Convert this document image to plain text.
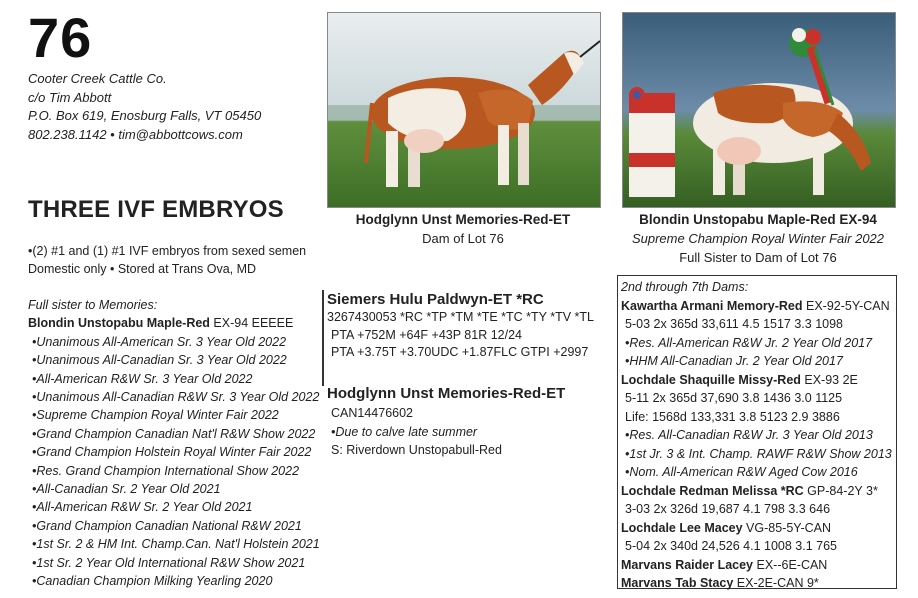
76
Cooter Creek Cattle Co.
c/o Tim Abbott
P.O. Box 619, Enosburg Falls, VT 05450
802.238.1142 • tim@abbottcows.com
THREE IVF EMBRYOS
•(2) #1 and (1) #1 IVF embryos from sexed semen
Domestic only • Stored at Trans Ova, MD
Full sister to Memories:
Blondin Unstopabu Maple-Red EX-94 EEEEE
•Unanimous All-American Sr. 3 Year Old 2022
•Unanimous All-Canadian Sr. 3 Year Old 2022
•All-American R&W Sr. 3 Year Old 2022
•Unanimous All-Canadian R&W Sr. 3 Year Old 2022
•Supreme Champion Royal Winter Fair 2022
•Grand Champion Canadian Nat'l R&W Show 2022
•Grand Champion Holstein Royal Winter Fair 2022
•Res. Grand Champion International Show 2022
•All-Canadian Sr. 2 Year Old 2021
•All-American R&W Sr. 2 Year Old 2021
•Grand Champion Canadian National R&W 2021
•1st Sr. 2 & HM Int. Champ.Can. Nat'l Holstein 2021
•1st Sr. 2 Year Old International R&W Show 2021
•Canadian Champion Milking Yearling 2020
Hodglynn Unst Memories-Red-ET
Dam of Lot 76
Blondin Unstopabu Maple-Red EX-94
Supreme Champion Royal Winter Fair 2022
Full Sister to Dam of Lot 76
Siemers Hulu Paldwyn-ET *RC
3267430053 *RC *TP *TM *TE *TC *TY *TV *TL
PTA +752M +64F +43P 81R 12/24
PTA +3.75T +3.70UDC +1.87FLC GTPI +2997
Hodglynn Unst Memories-Red-ET
CAN14476602
•Due to calve late summer
S: Riverdown Unstopabull-Red
2nd through 7th Dams:
Kawartha Armani Memory-Red EX-92-5Y-CAN
5-03 2x 365d 33,611 4.5 1517 3.3 1098
•Res. All-American R&W Jr. 2 Year Old 2017
•HHM All-Canadian Jr. 2 Year Old 2017
Lochdale Shaquille Missy-Red EX-93 2E
5-11 2x 365d 37,690 3.8 1436 3.0 1125
Life: 1568d 133,331 3.8 5123 2.9 3886
•Res. All-Canadian R&W Jr. 3 Year Old 2013
•1st Jr. 3 & Int. Champ. RAWF R&W Show 2013
•Nom. All-American R&W Aged Cow 2016
Lochdale Redman Melissa *RC GP-84-2Y 3*
3-03 2x 326d 19,687 4.1 798 3.3 646
Lochdale Lee Macey VG-85-5Y-CAN
5-04 2x 340d 24,526 4.1 1008 3.1 765
Marvans Raider Lacey EX--6E-CAN
Marvans Tab Stacy EX-2E-CAN 9*
